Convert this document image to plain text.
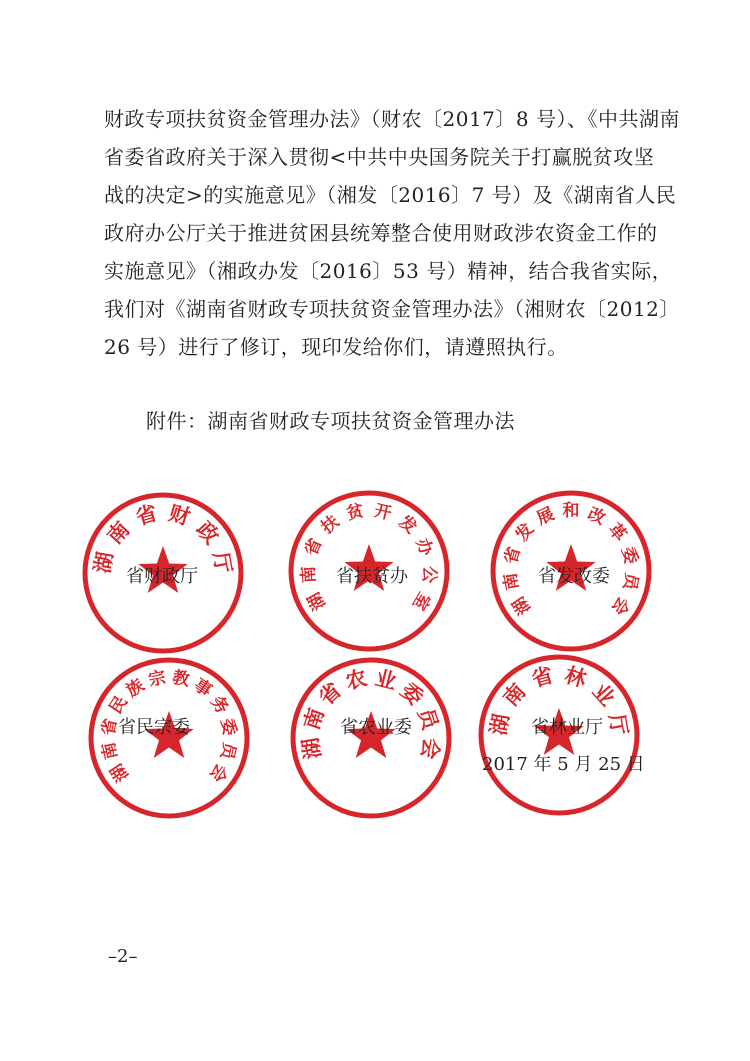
财政专项扶贫资金管理办法》（财农〔2017〕8 号）、《中共湖南
省委省政府关于深入贯彻<中共中央国务院关于打赢脱贫攻坚
战的决定>的实施意见》（湘发〔2016〕7 号）及《湖南省人民
政府办公厅关于推进贫困县统筹整合使用财政涉农资金工作的
实施意见》（湘政办发〔2016〕53 号）精神，结合我省实际，
我们对《湖南省财政专项扶贫资金管理办法》（湘财农〔2012〕
26 号）进行了修订，现印发给你们，请遵照执行。
附件：湖南省财政专项扶贫资金管理办法
湖
南
省 财
政
厅
湖
南
省
扶 贫 开 发
办
公
室	湖
南
省
发
展 和 改
革
委
员
会
湖
南
省
民
族
宗 教
事
务
委
员
会
湖
南
省
农 业
委
员
会
湖
南
省 林
业
厅
省财政厅	省扶贫办	省发改委
省民宗委	省农业委	省林业厅
2017 年 5 月 25 日
–2–
